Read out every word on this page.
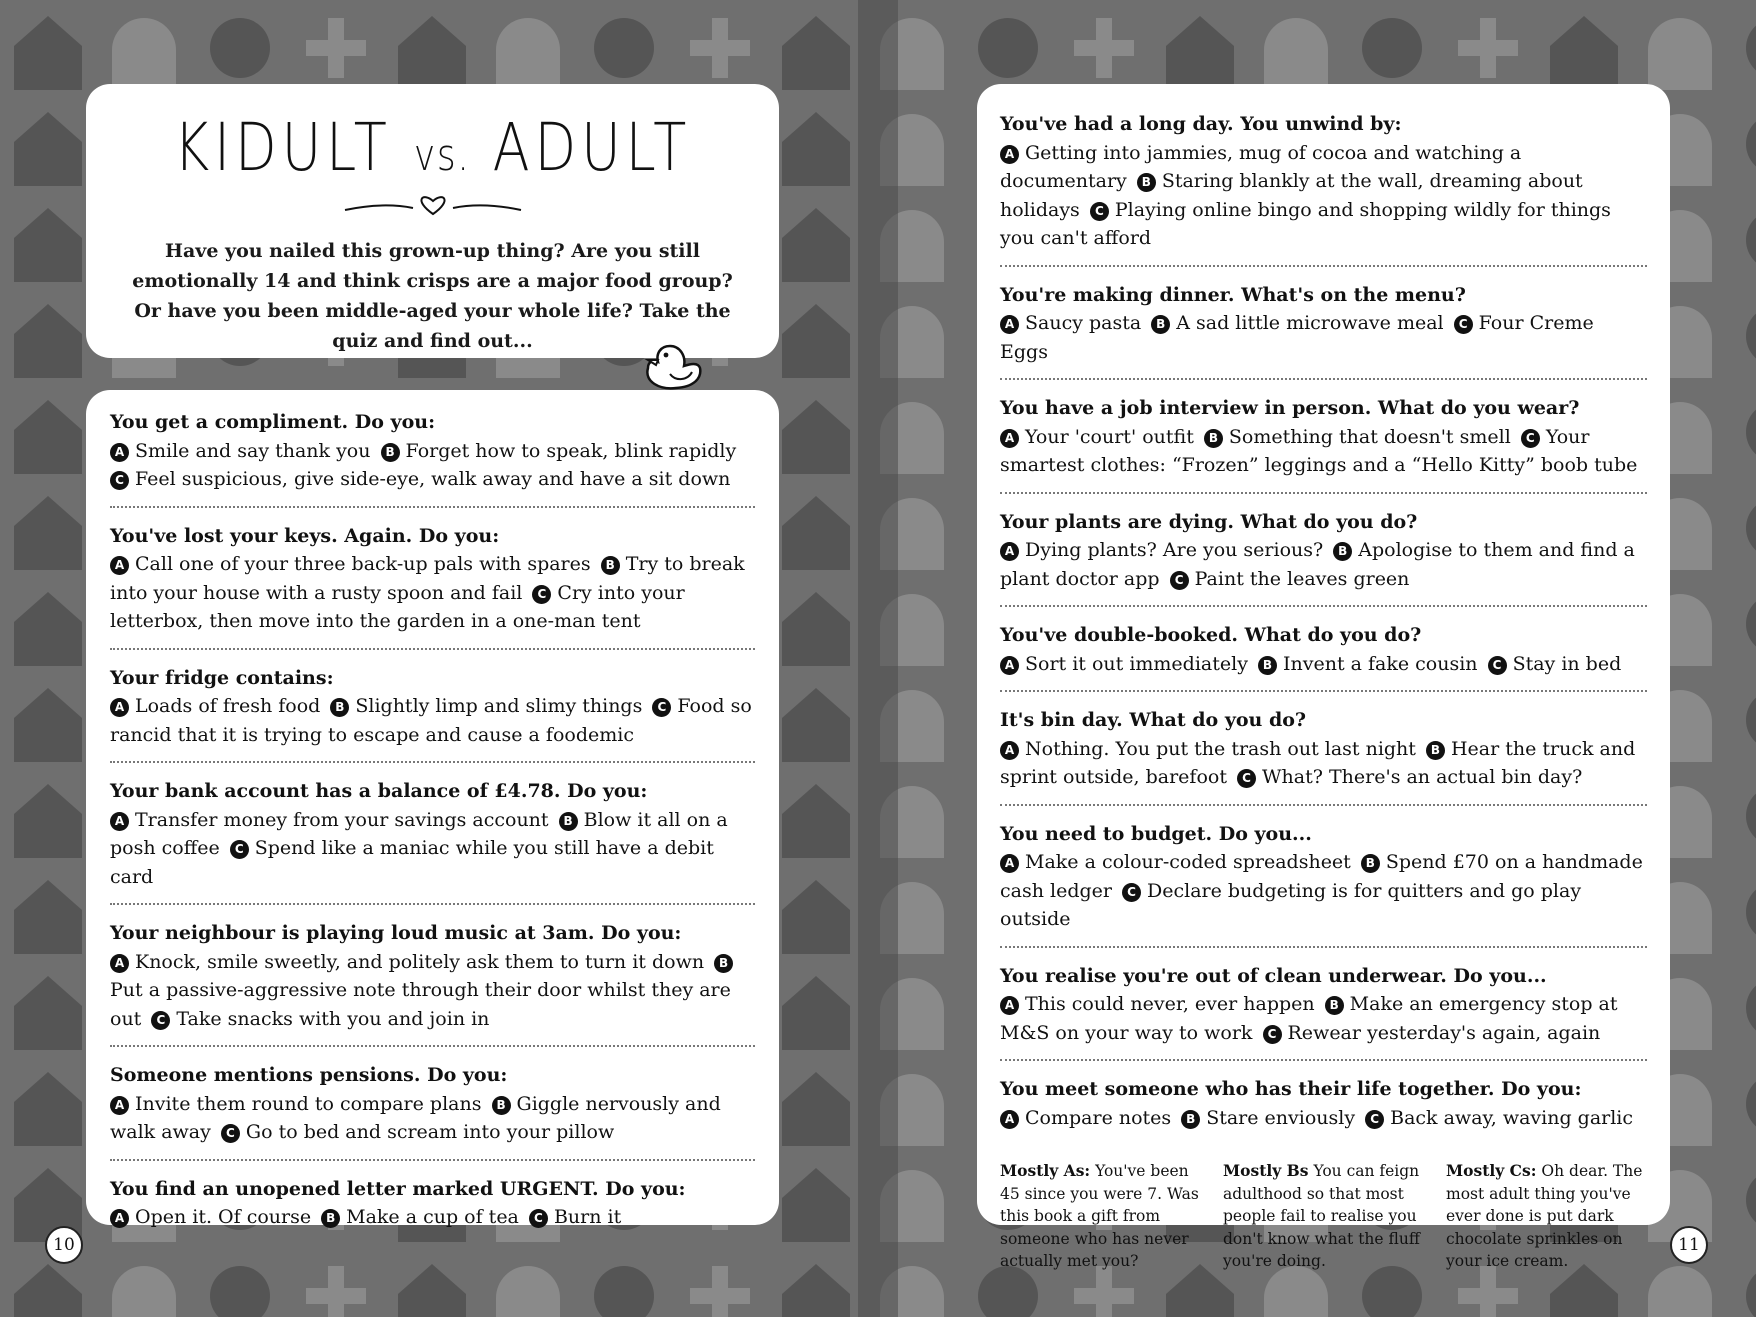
KIDULT vs. ADULT
Have you nailed this grown-up thing? Are you still emotionally 14 and think crisps are a major food group? Or have you been middle-aged your whole life? Take the quiz and find out...
You get a compliment. Do you:
A Smile and say thank you B Forget how to speak, blink rapidly C Feel suspicious, give side-eye, walk away and have a sit down
You've lost your keys. Again. Do you:
A Call one of your three back-up pals with spares B Try to break into your house with a rusty spoon and fail C Cry into your letterbox, then move into the garden in a one-man tent
Your fridge contains:
A Loads of fresh food B Slightly limp and slimy things C Food so rancid that it is trying to escape and cause a foodemic
Your bank account has a balance of £4.78. Do you:
A Transfer money from your savings account B Blow it all on a posh coffee C Spend like a maniac while you still have a debit card
Your neighbour is playing loud music at 3am. Do you:
A Knock, smile sweetly, and politely ask them to turn it down BPut a passive-aggressive note through their door whilst they are out C Take snacks with you and join in
Someone mentions pensions. Do you:
A Invite them round to compare plans B Giggle nervously and walk away C Go to bed and scream into your pillow
You find an unopened letter marked URGENT. Do you:
A Open it. Of course B Make a cup of tea C Burn it
You've had a long day. You unwind by:
A Getting into jammies, mug of cocoa and watching a documentary B Staring blankly at the wall, dreaming about holidays C Playing online bingo and shopping wildly for things you can't afford
You're making dinner. What's on the menu?
A Saucy pasta B A sad little microwave meal C Four Creme Eggs
You have a job interview in person. What do you wear?
A Your 'court' outfit B Something that doesn't smell C Your smartest clothes: “Frozen” leggings and a “Hello Kitty” boob tube
Your plants are dying. What do you do?
A Dying plants? Are you serious? B Apologise to them and find a plant doctor app C Paint the leaves green
You've double-booked. What do you do?
A Sort it out immediately B Invent a fake cousin C Stay in bed
It's bin day. What do you do?
A Nothing. You put the trash out last night B Hear the truck and sprint outside, barefoot C What? There's an actual bin day?
You need to budget. Do you...
A Make a colour-coded spreadsheet B Spend £70 on a handmade cash ledger C Declare budgeting is for quitters and go play outside
You realise you're out of clean underwear. Do you...
A This could never, ever happen B Make an emergency stop at M&S on your way to work C Rewear yesterday's again, again
You meet someone who has their life together. Do you:
A Compare notes B Stare enviously C Back away, waving garlic
Mostly As: You've been 45 since you were 7. Was this book a gift from someone who has never actually met you?
Mostly Bs You can feign adulthood so that most people fail to realise you don't know what the fluff you're doing.
Mostly Cs: Oh dear. The most adult thing you've ever done is put dark chocolate sprinkles on your ice cream.
10	11
